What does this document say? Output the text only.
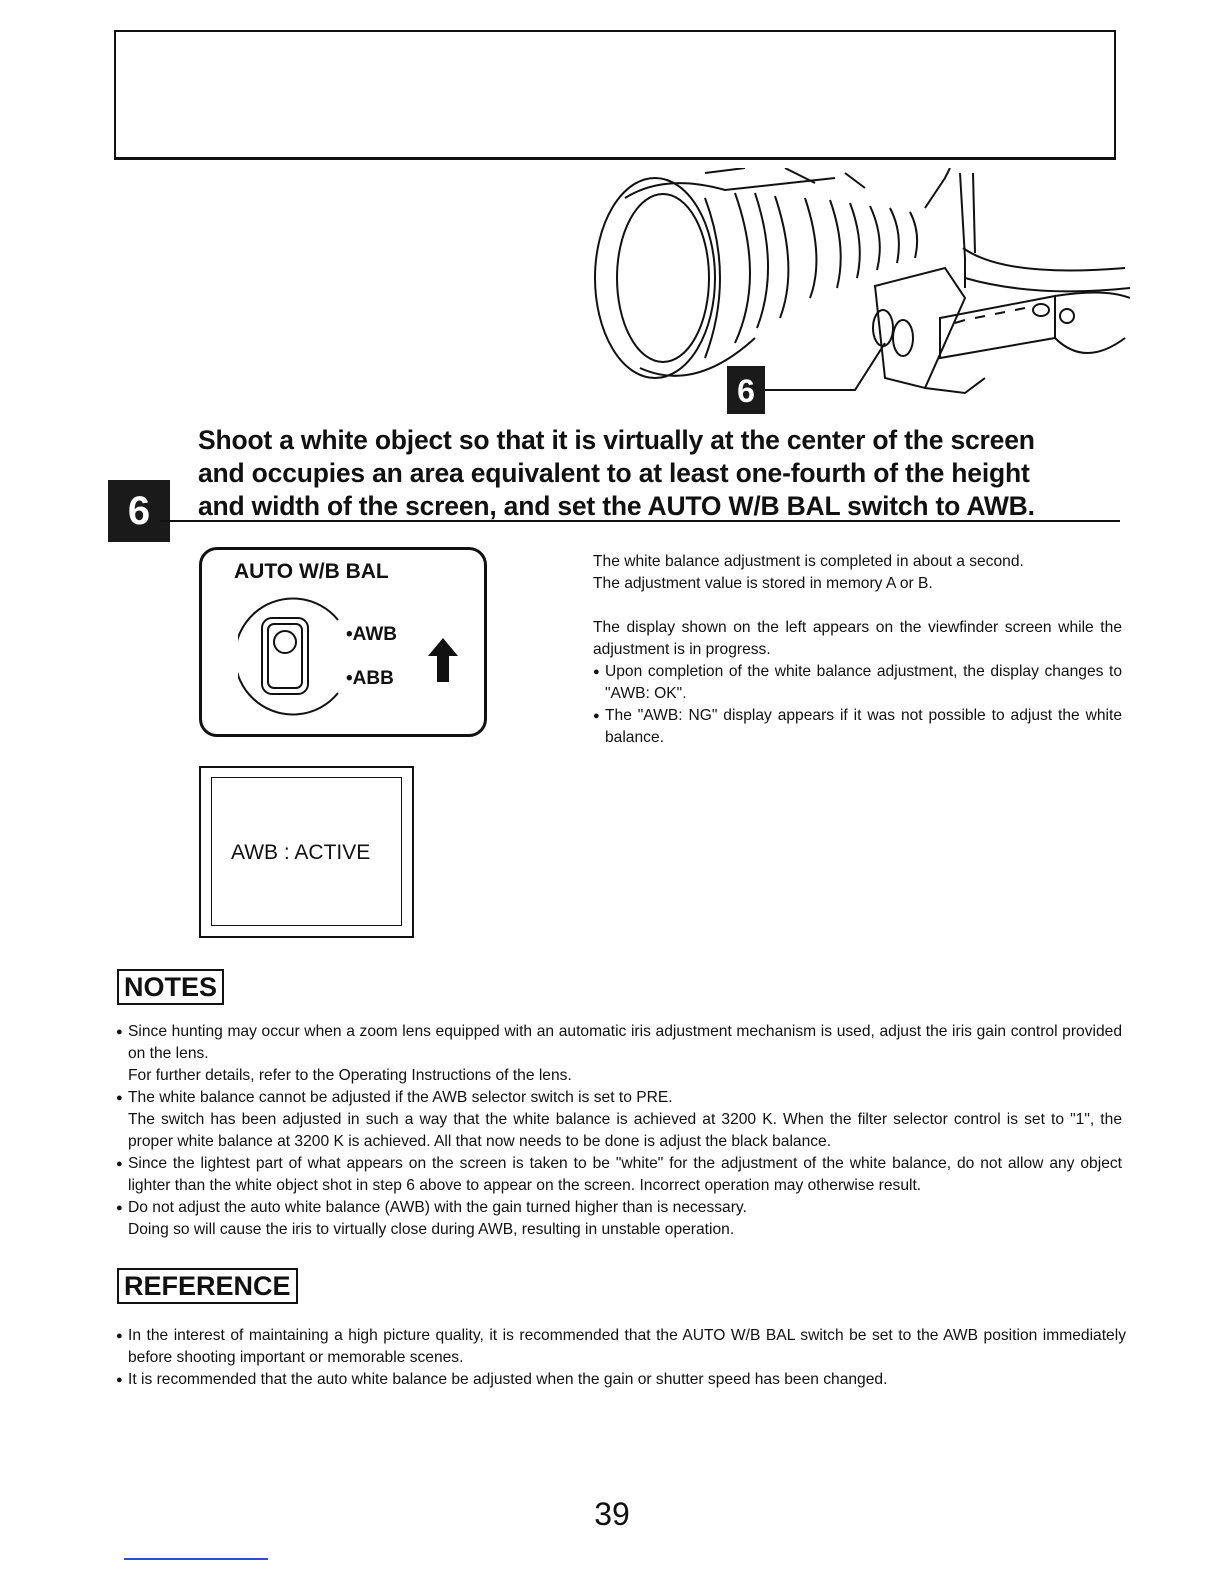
6
6
Shoot a white object so that it is virtually at the center of the screen
and occupies an area equivalent to at least one-fourth of the height
and width of the screen, and set the AUTO W/B BAL switch to AWB.
AUTO W/B BAL
•AWB
•ABB
AWB : ACTIVE

The white balance adjustment is completed in about a second.

The adjustment value is stored in memory A or B.

The display shown on the left appears on the viewfinder screen while the adjustment is in progress.

● Upon completion of the white balance adjustment, the display changes to "AWB: OK".

● The "AWB: NG" display appears if it was not possible to adjust the white balance.

NOTES

● Since hunting may occur when a zoom lens equipped with an automatic iris adjustment mechanism is used, adjust the iris gain control provided on the lens.

For further details, refer to the Operating Instructions of the lens.

● The white balance cannot be adjusted if the AWB selector switch is set to PRE.

The switch has been adjusted in such a way that the white balance is achieved at 3200 K. When the filter selector control is set to "1", the proper white balance at 3200 K is achieved. All that now needs to be done is adjust the black balance.

● Since the lightest part of what appears on the screen is taken to be "white" for the adjustment of the white balance, do not allow any object lighter than the white object shot in step 6 above to appear on the screen. Incorrect operation may otherwise result.

● Do not adjust the auto white balance (AWB) with the gain turned higher than is necessary.

Doing so will cause the iris to virtually close during AWB, resulting in unstable operation.

REFERENCE

● In the interest of maintaining a high picture quality, it is recommended that the AUTO W/B BAL switch be set to the AWB position immediately before shooting important or memorable scenes.

● It is recommended that the auto white balance be adjusted when the gain or shutter speed has been changed.

39
